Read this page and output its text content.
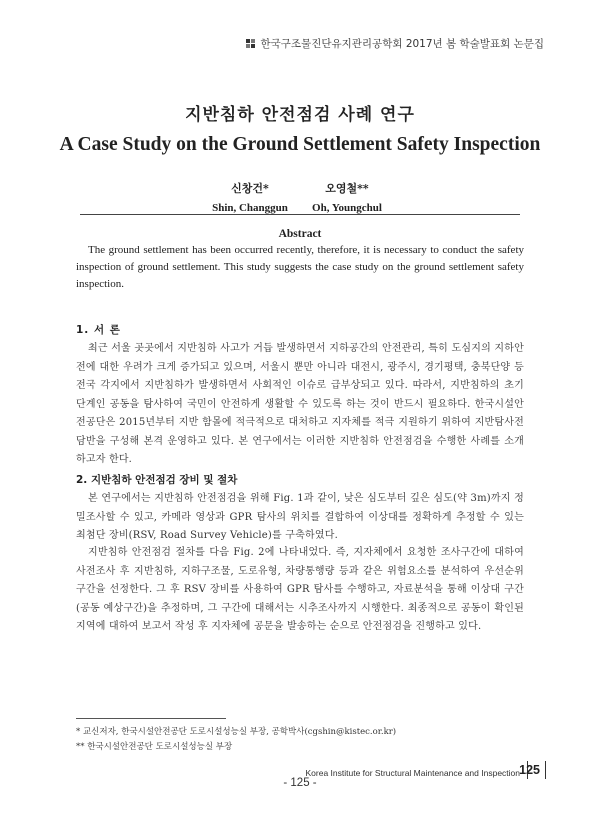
한국구조물진단유지관리공학회 2017년 봄 학술발표회 논문집
지반침하 안전점검 사례 연구
A Case Study on the Ground Settlement Safety Inspection
신창건*
Shin, Changgun
오영철**
Oh, Youngchul
Abstract
The ground settlement has been occurred recently, therefore, it is necessary to conduct the safety inspection of ground settlement. This study suggests the case study on the ground settlement safety inspection.
1. 서 론
최근 서울 곳곳에서 지반침하 사고가 거듭 발생하면서 지하공간의 안전관리, 특히 도심지의 지하안전에 대한 우려가 크게 증가되고 있으며, 서울시 뿐만 아니라 대전시, 광주시, 경기평택, 충북단양 등 전국 각지에서 지반침하가 발생하면서 사회적인 이슈로 급부상되고 있다. 따라서, 지반침하의 초기 단계인 공동을 탐사하여 국민이 안전하게 생활할 수 있도록 하는 것이 반드시 필요하다. 한국시설안전공단은 2015년부터 지반 함몰에 적극적으로 대처하고 지자체를 적극 지원하기 위하여 지반탐사전담반을 구성해 본격 운영하고 있다. 본 연구에서는 이러한 지반침하 안전점검을 수행한 사례를 소개하고자 한다.
2. 지반침하 안전점검 장비 및 절차
본 연구에서는 지반침하 안전점검을 위해 Fig. 1과 같이, 낮은 심도부터 깊은 심도(약 3m)까지 정밀조사할 수 있고, 카메라 영상과 GPR 탐사의 위치를 결합하여 이상대를 정확하게 추정할 수 있는 최첨단 장비(RSV, Road Survey Vehicle)를 구축하였다.
지반침하 안전점검 절차를 다음 Fig. 2에 나타내었다. 즉, 지자체에서 요청한 조사구간에 대하여 사전조사 후 지반침하, 지하구조물, 도로유형, 차량통행량 등과 같은 위험요소를 분석하여 우선순위 구간을 선정한다. 그 후 RSV 장비를 사용하여 GPR 탐사를 수행하고, 자료분석을 통해 이상대 구간(공동 예상구간)을 추정하며, 그 구간에 대해서는 시추조사까지 시행한다. 최종적으로 공동이 확인된 지역에 대하여 보고서 작성 후 지자체에 공문을 발송하는 순으로 안전점검을 진행하고 있다.
* 교신저자, 한국시설안전공단 도로시설성능실 부장, 공학박사(cgshin@kistec.or.kr)
** 한국시설안전공단 도로시설성능실 부장
Korea Institute for Structural Maintenance and Inspection 125
- 125 -
